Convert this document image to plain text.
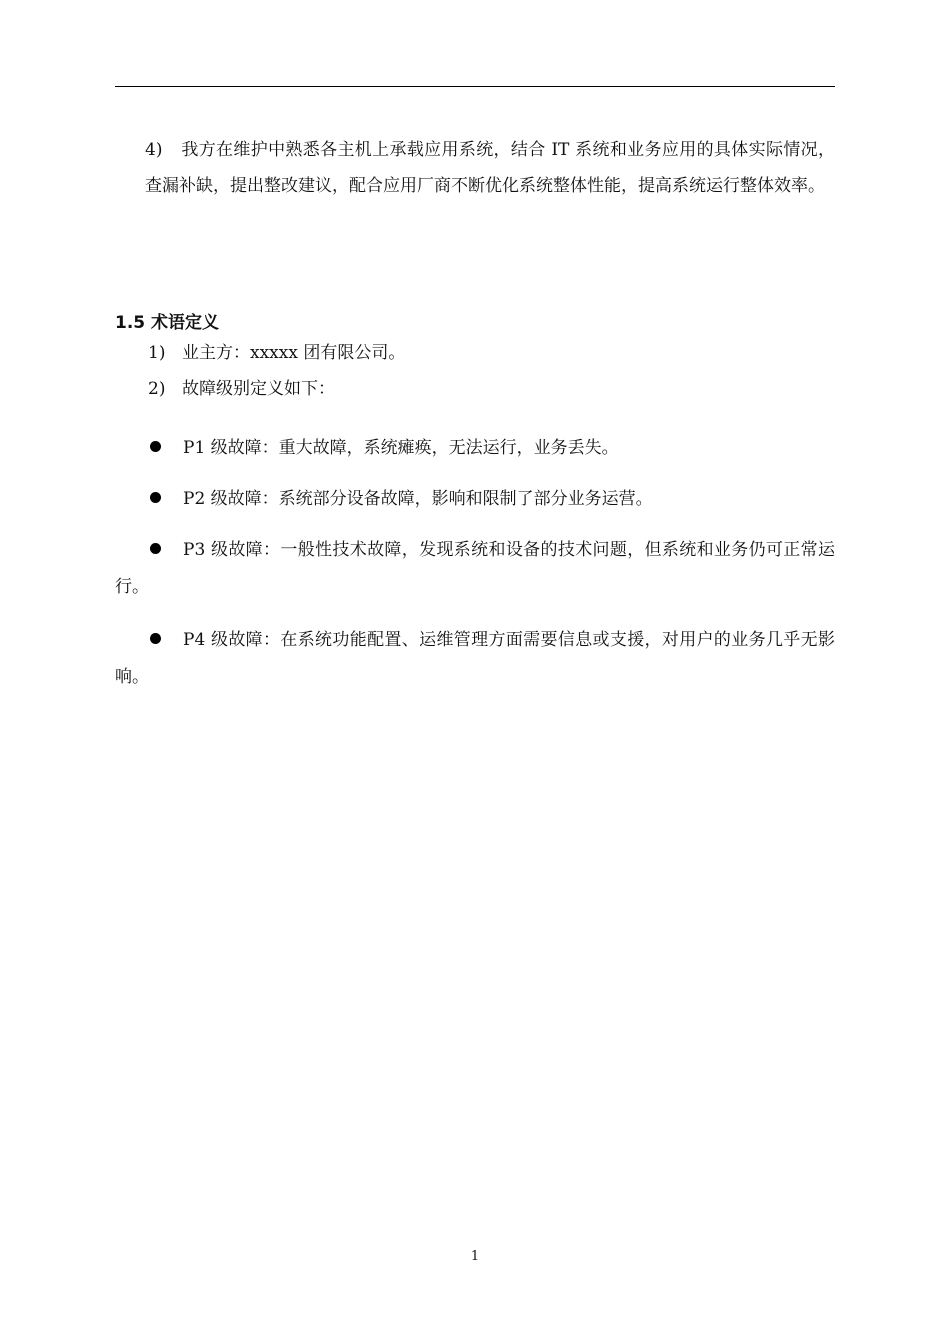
4) 我方在维护中熟悉各主机上承载应用系统，结合 IT 系统和业务应用的具体实际情况，查漏补缺，提出整改建议，配合应用厂商不断优化系统整体性能，提高系统运行整体效率。
1.5 术语定义
1) 业主方：xxxxx 团有限公司。
2) 故障级别定义如下：
P1 级故障：重大故障，系统瘫痪，无法运行，业务丢失。
P2 级故障：系统部分设备故障，影响和限制了部分业务运营。
P3 级故障：一般性技术故障，发现系统和设备的技术问题，但系统和业务仍可正常运行。
P4 级故障：在系统功能配置、运维管理方面需要信息或支援，对用户的业务几乎无影响。
1
